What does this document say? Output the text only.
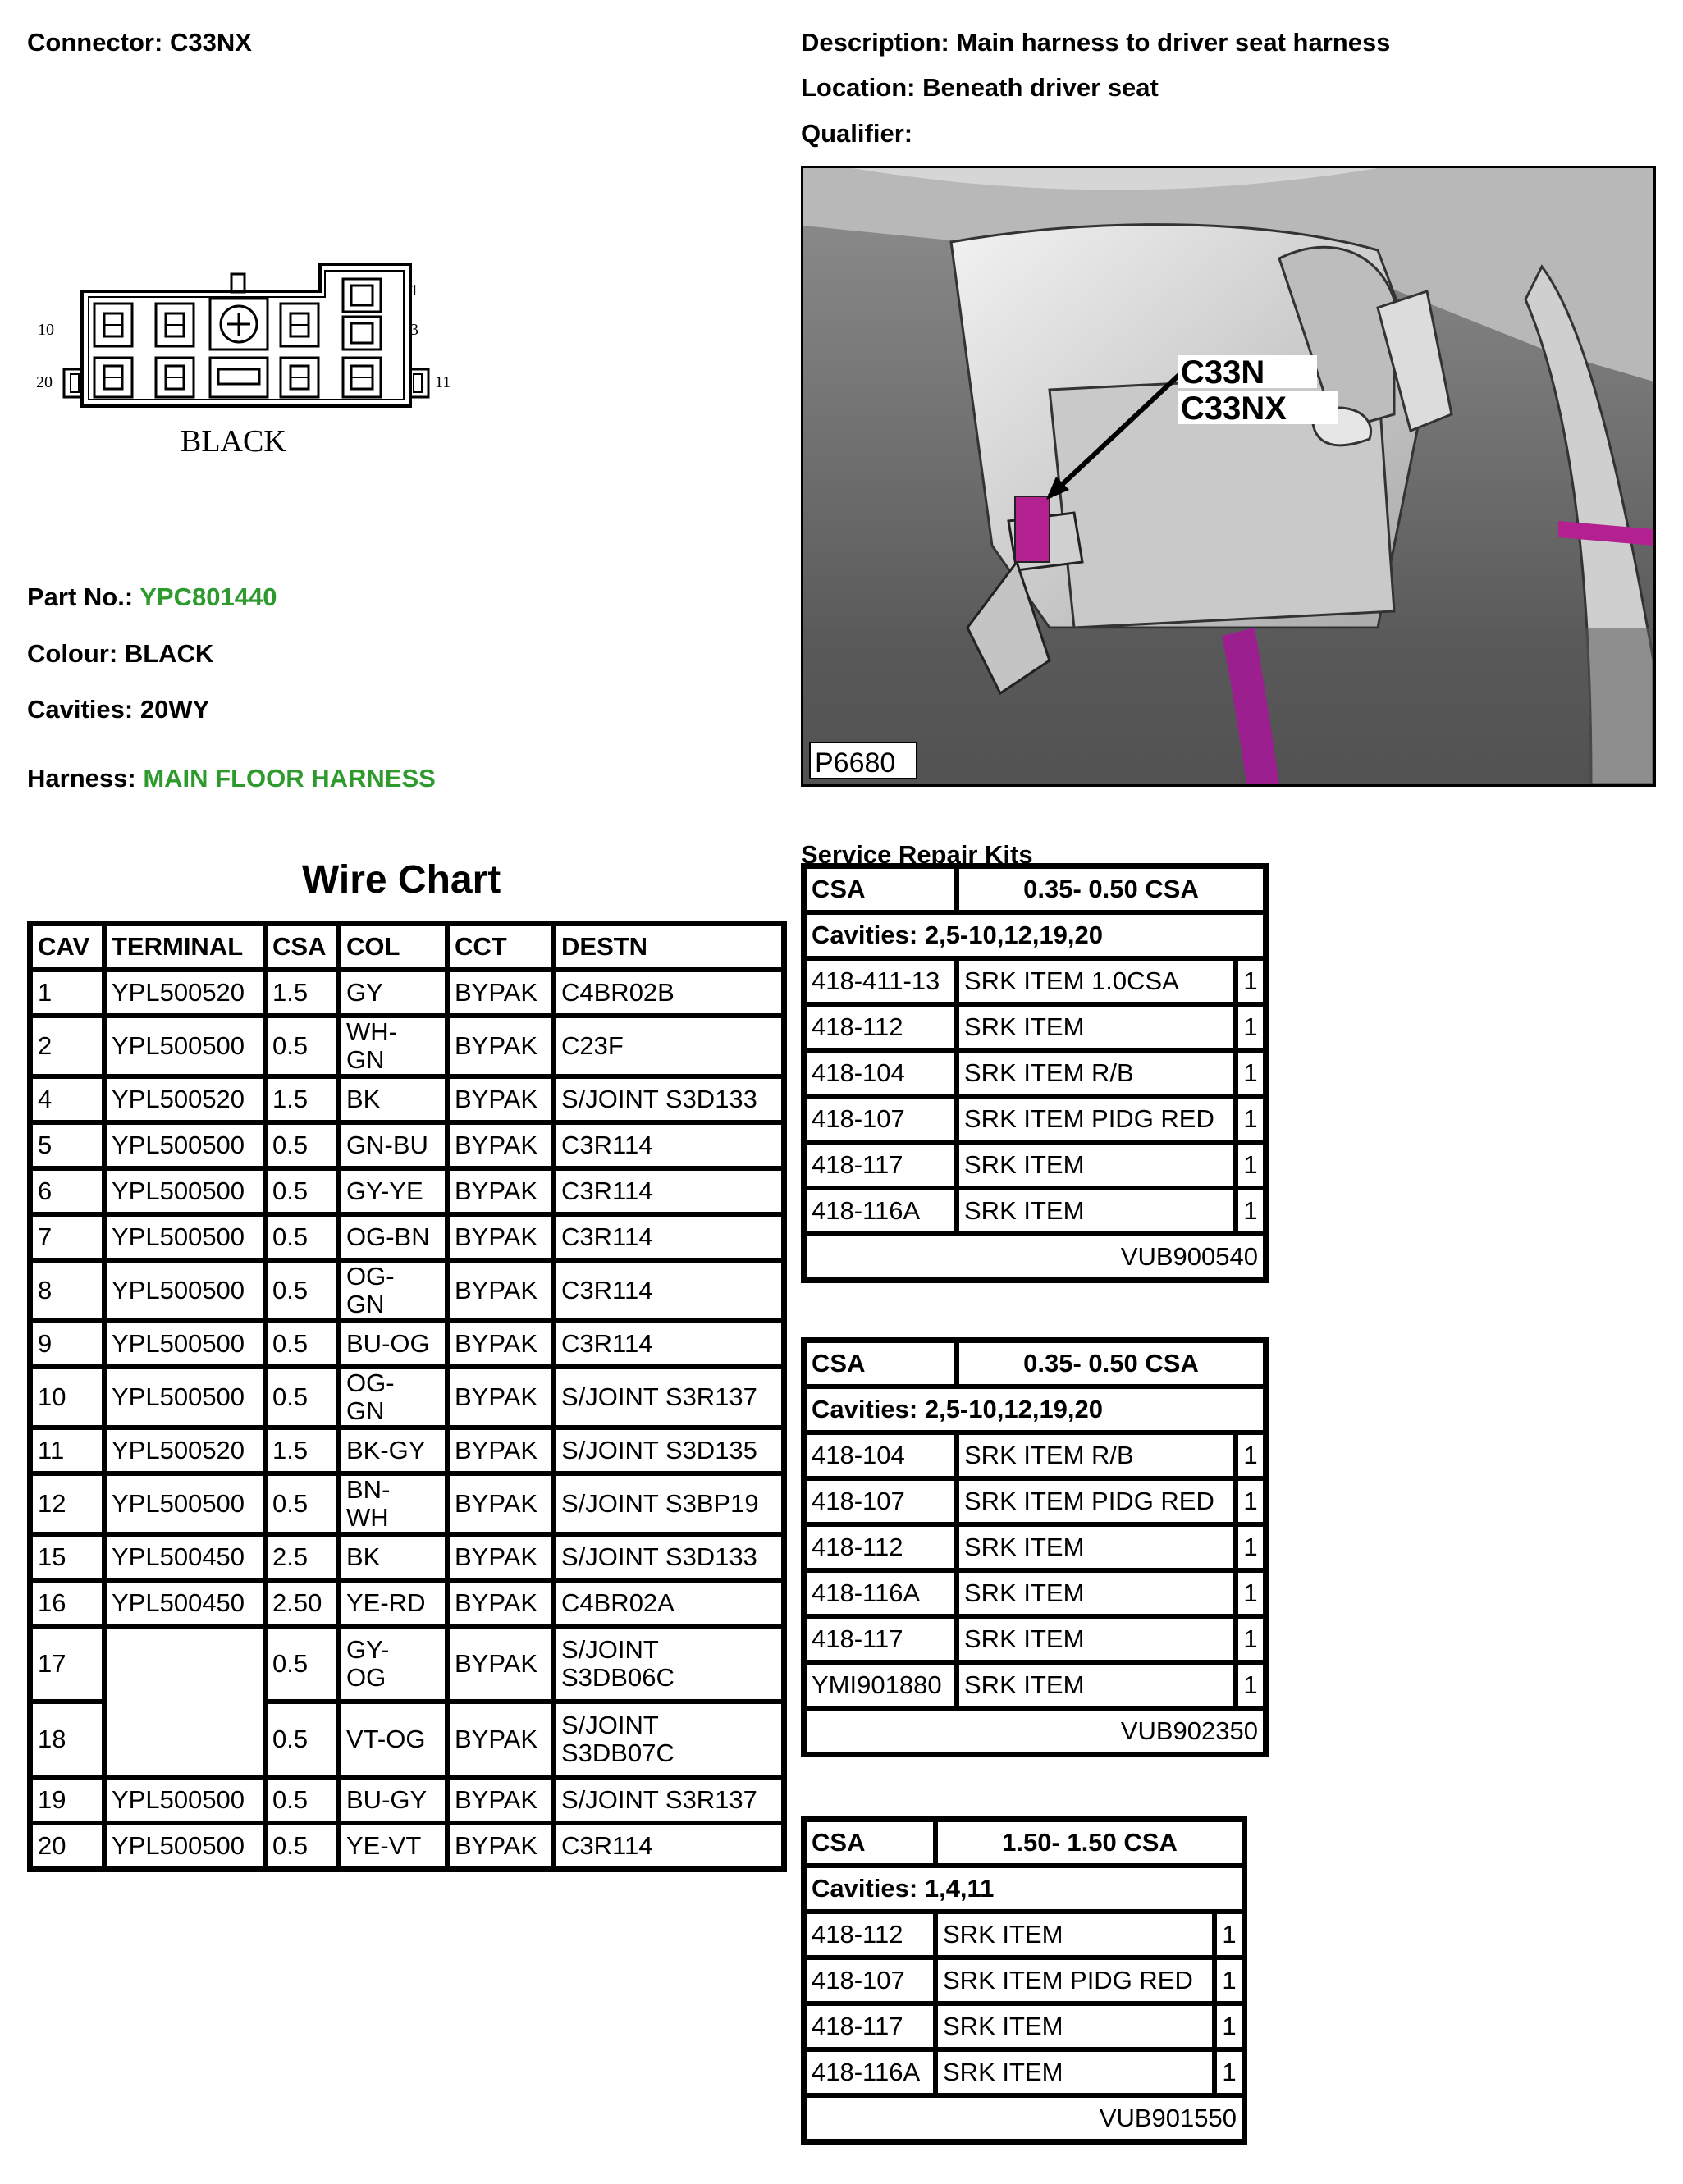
Connector: C33NX	Description: Main harness to driver seat harness
Location: Beneath driver seat
Qualifier:
1
3
10
20	11
BLACK
C33N
C33NX
P6680
Part No.: YPC801440
Colour: BLACK
Cavities: 20WY
Harness: MAIN FLOOR HARNESS
Wire Chart
CAV	TERMINAL	CSA	COL	CCT	DESTN
1	YPL500520	1.5	GY	BYPAK	C4BR02B
2	YPL500500	0.5	WH-
GN	BYPAK	C23F
4	YPL500520	1.5	BK	BYPAK	S/JOINT S3D133
5	YPL500500	0.5	GN-BU	BYPAK	C3R114
6	YPL500500	0.5	GY-YE	BYPAK	C3R114
7	YPL500500	0.5	OG-BN	BYPAK	C3R114
8	YPL500500	0.5	OG-
GN	BYPAK	C3R114
9	YPL500500	0.5	BU-OG	BYPAK	C3R114
10	YPL500500	0.5	OG-
GN	BYPAK	S/JOINT S3R137
11	YPL500520	1.5	BK-GY	BYPAK	S/JOINT S3D135
12	YPL500500	0.5	BN-
WH	BYPAK	S/JOINT S3BP19
15	YPL500450	2.5	BK	BYPAK	S/JOINT S3D133
16	YPL500450	2.50	YE-RD	BYPAK	C4BR02A
17		0.5	GY-
OG	BYPAK	S/JOINT
S3DB06C
18		0.5	VT-OG	BYPAK	S/JOINT
S3DB07C
19	YPL500500	0.5	BU-GY	BYPAK	S/JOINT S3R137
20	YPL500500	0.5	YE-VT	BYPAK	C3R114
Service Repair Kits
CSA	0.35- 0.50 CSA	
Cavities: 2,5-10,12,19,20		
418-411-13	SRK ITEM 1.0CSA	1
418-112	SRK ITEM	1
418-104	SRK ITEM R/B	1
418-107	SRK ITEM PIDG RED	1
418-117	SRK ITEM	1
418-116A	SRK ITEM	1
VUB900540		
CSA	0.35- 0.50 CSA	
Cavities: 2,5-10,12,19,20		
418-104	SRK ITEM R/B	1
418-107	SRK ITEM PIDG RED	1
418-112	SRK ITEM	1
418-116A	SRK ITEM	1
418-117	SRK ITEM	1
YMI901880	SRK ITEM	1
VUB902350		
CSA	1.50- 1.50 CSA	
Cavities: 1,4,11		
418-112	SRK ITEM	1
418-107	SRK ITEM PIDG RED	1
418-117	SRK ITEM	1
418-116A	SRK ITEM	1
VUB901550		
